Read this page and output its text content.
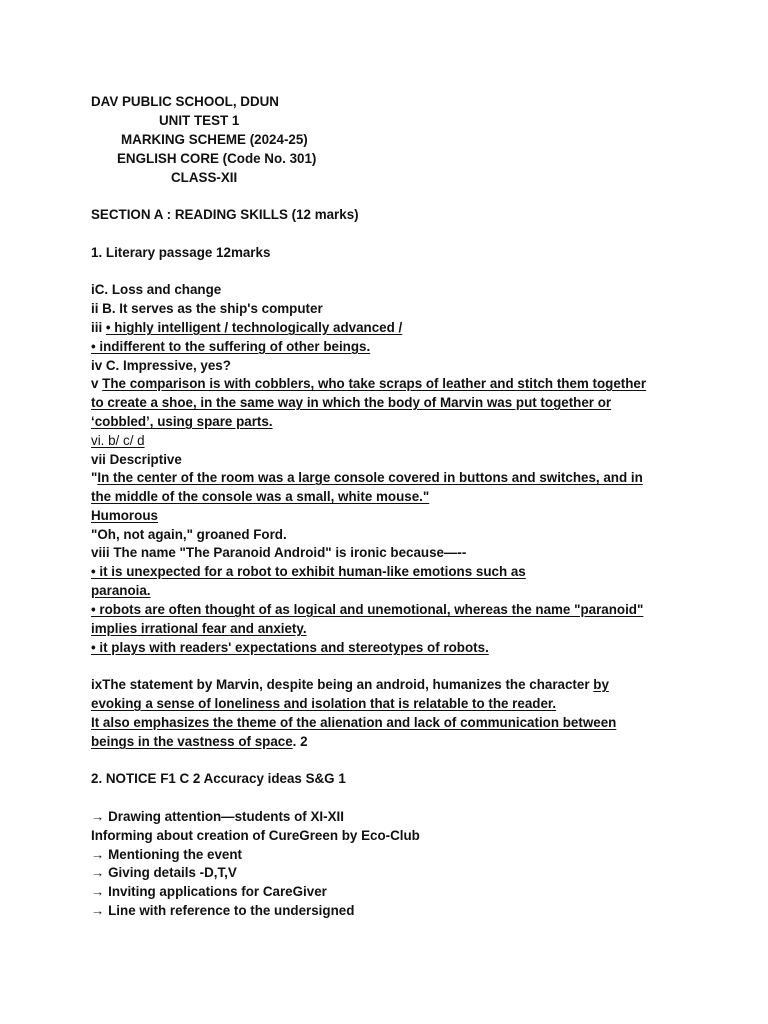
DAV PUBLIC SCHOOL, DDUN
UNIT TEST 1
MARKING SCHEME (2024-25)
ENGLISH CORE (Code No. 301)
CLASS-XII
SECTION A : READING SKILLS (12 marks)
1. Literary passage 12marks
iC. Loss and change
ii B. It serves as the ship's computer
iii • highly intelligent / technologically advanced /
• indifferent to the suffering of other beings.
iv C. Impressive, yes?
v The comparison is with cobblers, who take scraps of leather and stitch them together
to create a shoe, in the same way in which the body of Marvin was put together or
‘cobbled’, using spare parts.
vi. b/ c/ d
vii Descriptive
"In the center of the room was a large console covered in buttons and switches, and in
the middle of the console was a small, white mouse."
Humorous
"Oh, not again," groaned Ford.
viii The name "The Paranoid Android" is ironic because—--
• it is unexpected for a robot to exhibit human-like emotions such as
paranoia.
• robots are often thought of as logical and unemotional, whereas the name "paranoid"
implies irrational fear and anxiety.
• it plays with readers' expectations and stereotypes of robots.
ixThe statement by Marvin, despite being an android, humanizes the character by
evoking a sense of loneliness and isolation that is relatable to the reader.
It also emphasizes the theme of the alienation and lack of communication between
beings in the vastness of space. 2
2. NOTICE F1 C 2 Accuracy ideas S&G 1
→ Drawing attention—students of XI-XII
Informing about creation of CureGreen by Eco-Club
→ Mentioning the event
→ Giving details -D,T,V
→ Inviting applications for CareGiver
→ Line with reference to the undersigned
